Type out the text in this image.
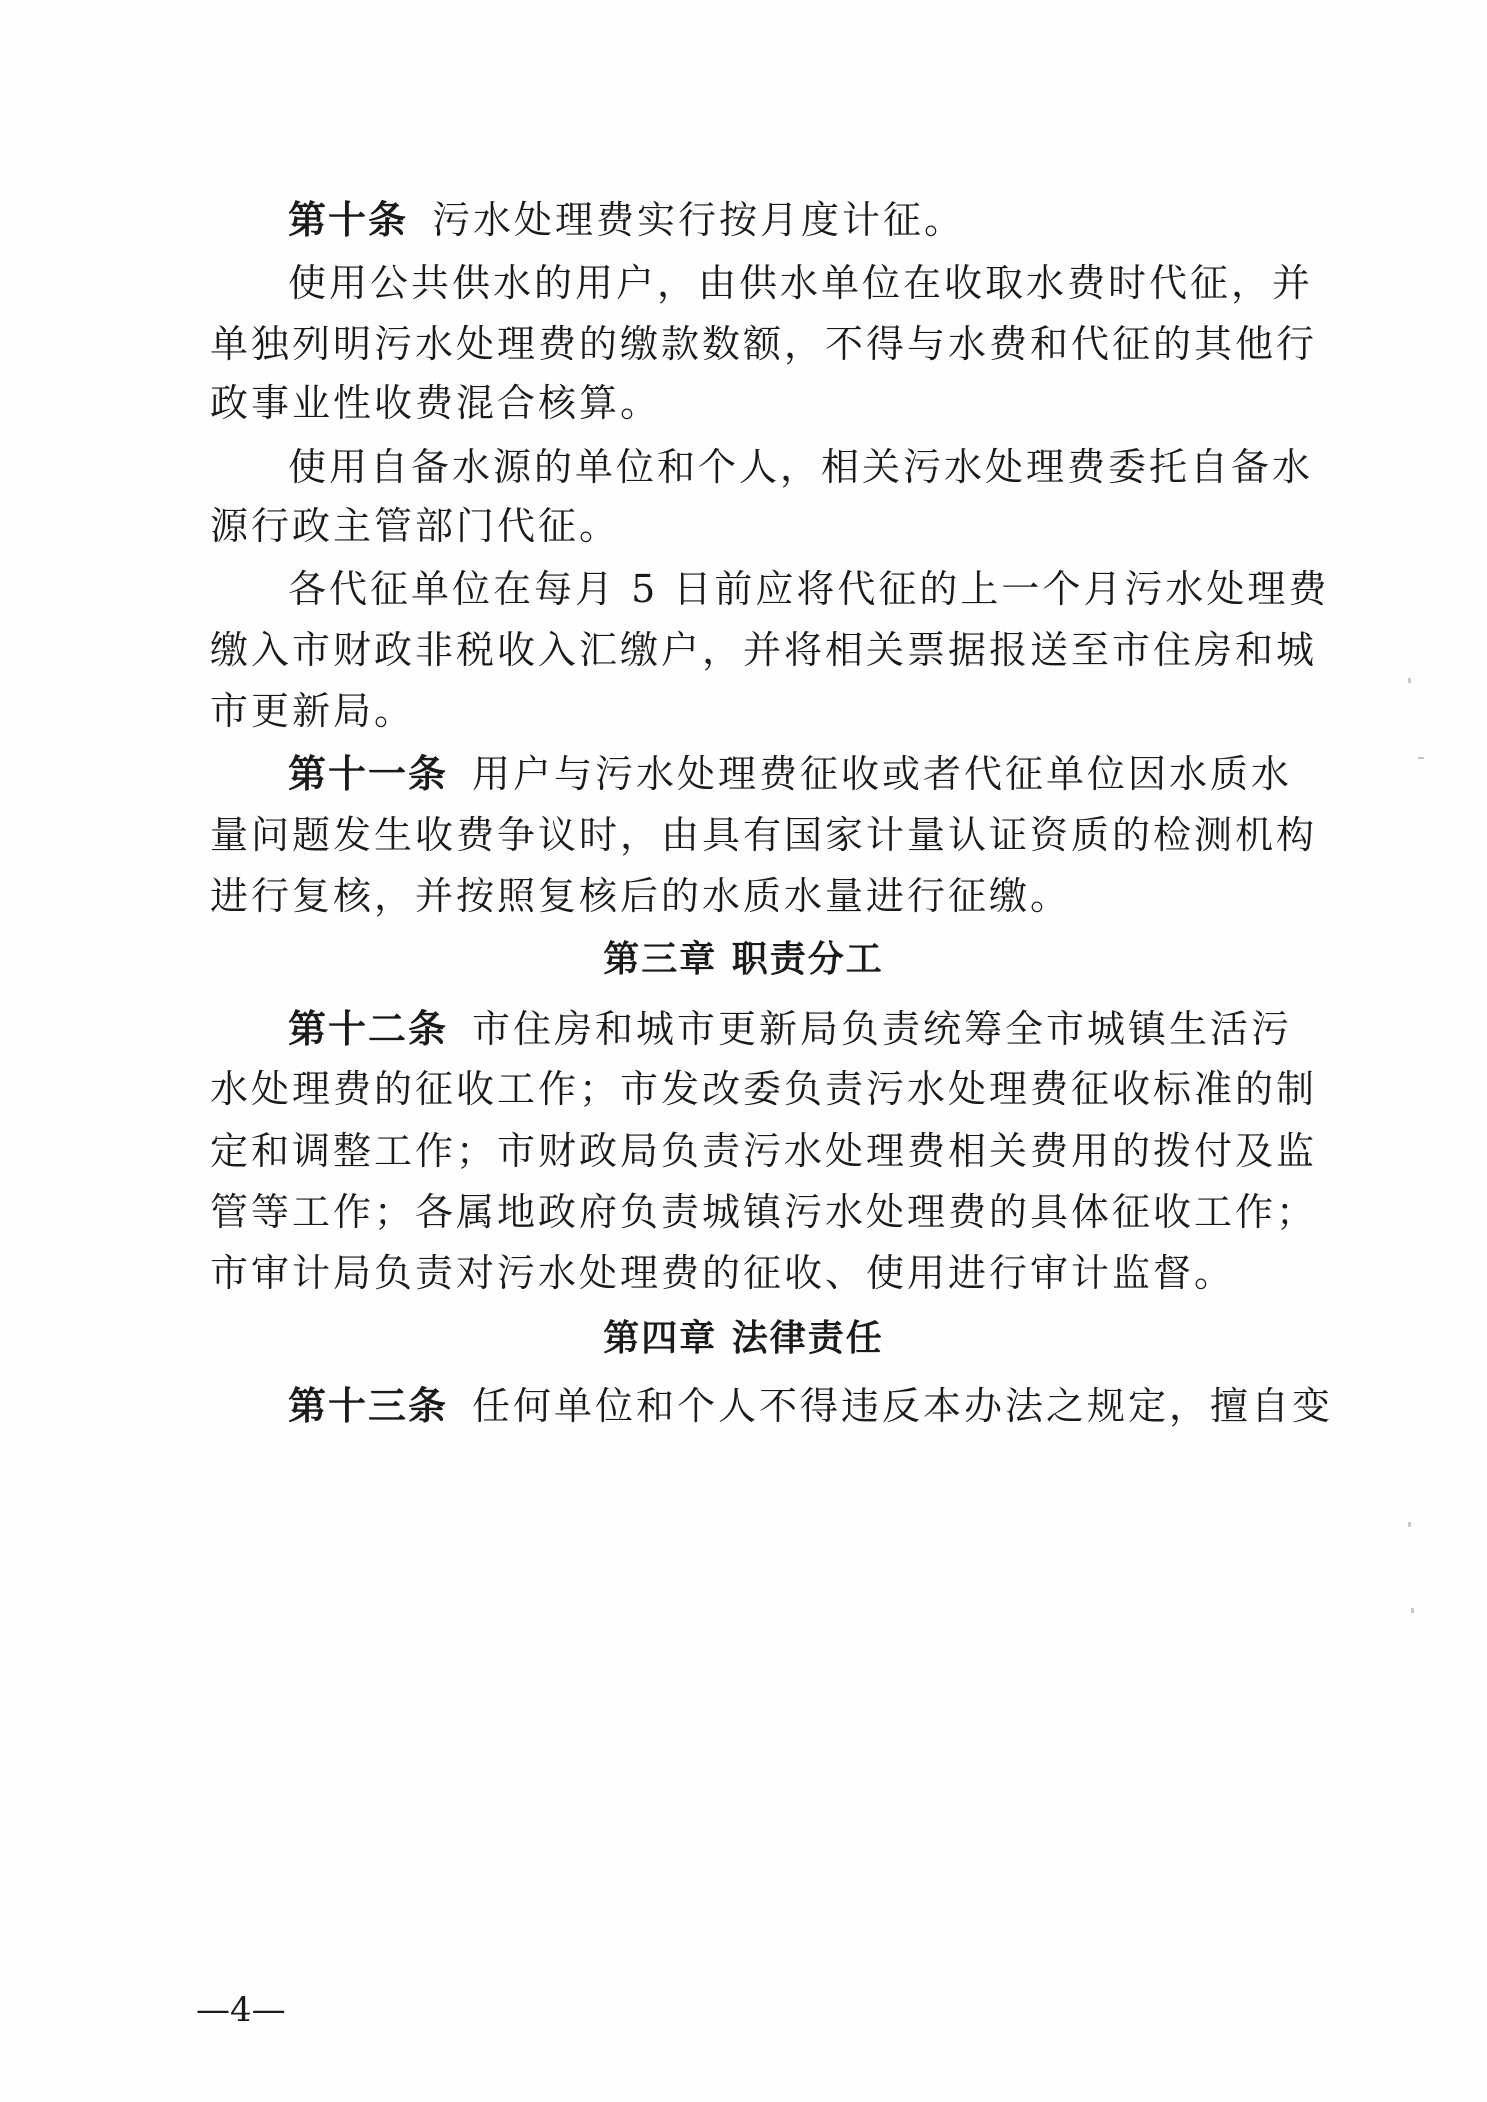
第十条 污水处理费实行按月度计征。
使用公共供水的用户，由供水单位在收取水费时代征，并
单独列明污水处理费的缴款数额，不得与水费和代征的其他行
政事业性收费混合核算。
使用自备水源的单位和个人，相关污水处理费委托自备水
源行政主管部门代征。
各代征单位在每月 5 日前应将代征的上一个月污水处理费
缴入市财政非税收入汇缴户，并将相关票据报送至市住房和城
市更新局。
第十一条 用户与污水处理费征收或者代征单位因水质水
量问题发生收费争议时，由具有国家计量认证资质的检测机构
进行复核，并按照复核后的水质水量进行征缴。
第三章 职责分工
第十二条 市住房和城市更新局负责统筹全市城镇生活污
水处理费的征收工作；市发改委负责污水处理费征收标准的制
定和调整工作；市财政局负责污水处理费相关费用的拨付及监
管等工作；各属地政府负责城镇污水处理费的具体征收工作；
市审计局负责对污水处理费的征收、使用进行审计监督。
第四章 法律责任
第十三条 任何单位和个人不得违反本办法之规定，擅自变
—4—
